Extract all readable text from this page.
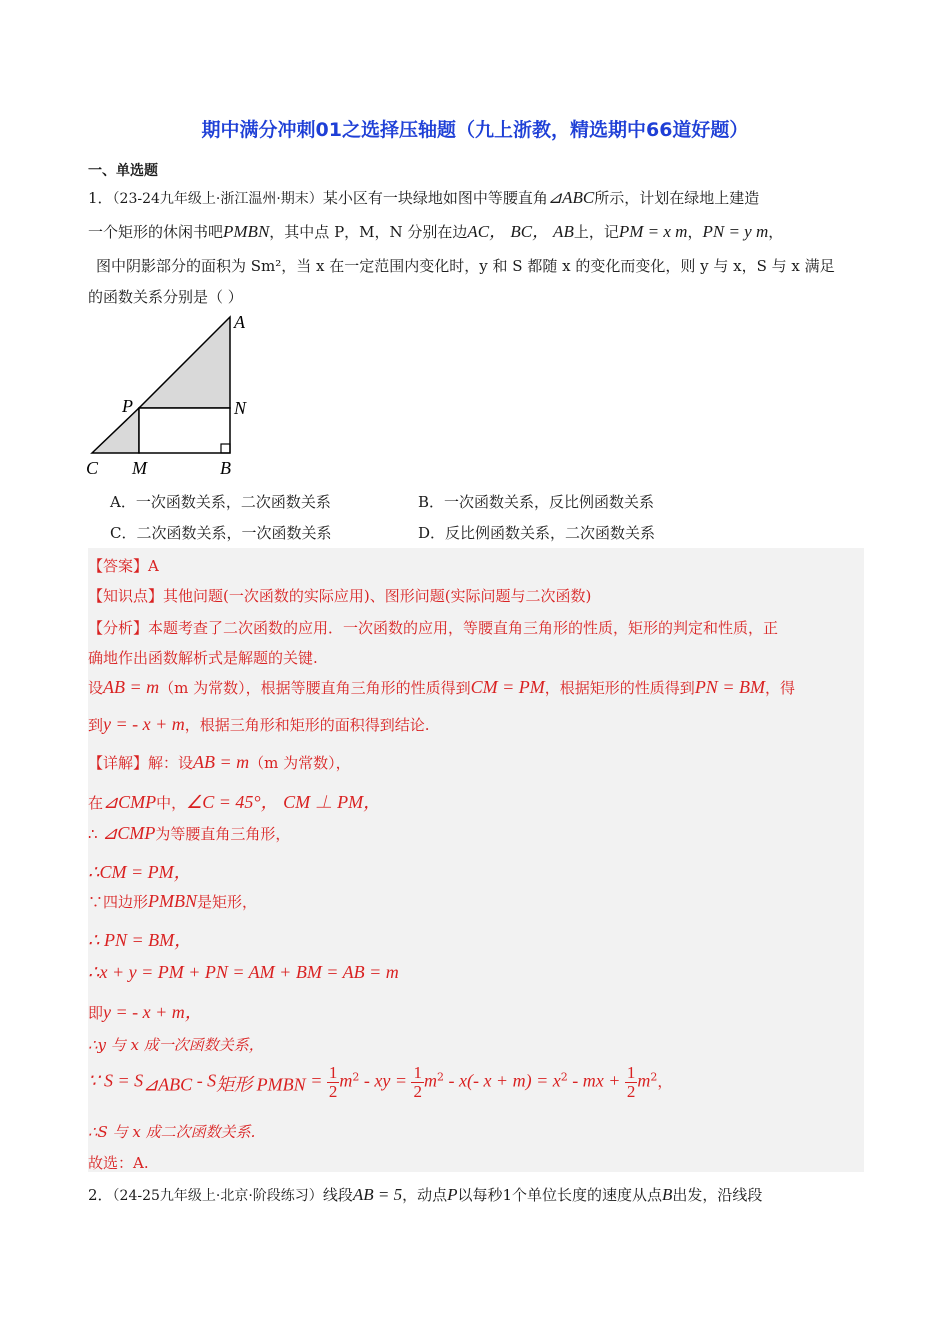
期中满分冲刺01之选择压轴题（九上浙教，精选期中66道好题）
一、单选题
1．（23-24九年级上·浙江温州·期末）某小区有一块绿地如图中等腰直角⊿ABC所示，计划在绿地上建造
一个矩形的休闲书吧PMBN，其中点 P，M，N 分别在边AC， BC， AB上，记PM = x m，PN = y m，
图中阴影部分的面积为 Sm²，当 x 在一定范围内变化时，y 和 S 都随 x 的变化而变化，则 y 与 x，S 与 x 满足
的函数关系分别是（ ）
A
P	N
C M	B
A．一次函数关系，二次函数关系	B．一次函数关系，反比例函数关系
C．二次函数关系，一次函数关系	D．反比例函数关系，二次函数关系
【答案】A
【知识点】其他问题(一次函数的实际应用)、图形问题(实际问题与二次函数)
【分析】本题考查了二次函数的应用．一次函数的应用，等腰直角三角形的性质，矩形的判定和性质，正
确地作出函数解析式是解题的关键.
设AB = m（m 为常数），根据等腰直角三角形的性质得到CM = PM，根据矩形的性质得到PN = BM，得
到y = - x + m，根据三角形和矩形的面积得到结论.
【详解】解：设AB = m（m 为常数），
在⊿CMP中，∠C = 45°， CM ⊥ PM，
∴ ⊿CMP为等腰直角三角形，
∴CM = PM，
∵四边形PMBN是矩形，
∴ PN = BM，
∴x + y = PM + PN = AM + BM = AB = m
即y = - x + m，
∴y 与 x 成一次函数关系，
∵ $S = S_{⊿ABC} - S_{矩形 PMBN} = \frac{1}{2} m^2$ - xy = $\frac{1}{2} m^2 - x(-$ $x + m) = x^2$ - mx + $\frac{1}{2} m^2$，
∴S 与 x 成二次函数关系.
故选：A.
2．（24-25九年级上·北京·阶段练习）线段AB = 5，动点P以每秒1个单位长度的速度从点B出发，沿线段
